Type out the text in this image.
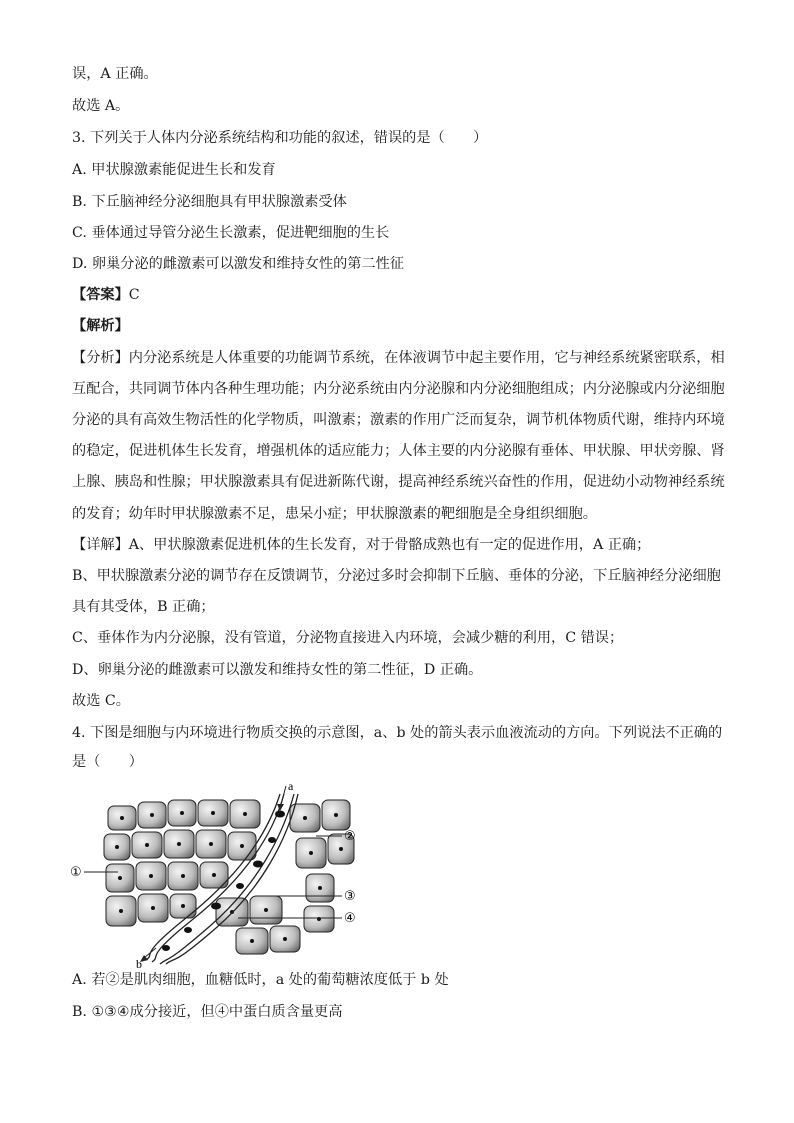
误，A 正确。
故选 A。
3. 下列关于人体内分泌系统结构和功能的叙述，错误的是（　　）
A. 甲状腺激素能促进生长和发育
B. 下丘脑神经分泌细胞具有甲状腺激素受体
C. 垂体通过导管分泌生长激素，促进靶细胞的生长
D. 卵巢分泌的雌激素可以激发和维持女性的第二性征
【答案】C
【解析】
【分析】内分泌系统是人体重要的功能调节系统，在体液调节中起主要作用，它与神经系统紧密联系，相
互配合，共同调节体内各种生理功能；内分泌系统由内分泌腺和内分泌细胞组成；内分泌腺或内分泌细胞
分泌的具有高效生物活性的化学物质，叫激素；激素的作用广泛而复杂，调节机体物质代谢，维持内环境
的稳定，促进机体生长发育，增强机体的适应能力；人体主要的内分泌腺有垂体、甲状腺、甲状旁腺、肾
上腺、胰岛和性腺；甲状腺激素具有促进新陈代谢，提高神经系统兴奋性的作用，促进幼小动物神经系统
的发育；幼年时甲状腺激素不足，患呆小症；甲状腺激素的靶细胞是全身组织细胞。
【详解】A、甲状腺激素促进机体的生长发育，对于骨骼成熟也有一定的促进作用，A 正确；
B、甲状腺激素分泌的调节存在反馈调节，分泌过多时会抑制下丘脑、垂体的分泌，下丘脑神经分泌细胞
具有其受体，B 正确；
C、垂体作为内分泌腺，没有管道，分泌物直接进入内环境，会减少糖的利用，C 错误；
D、卵巢分泌的雌激素可以激发和维持女性的第二性征，D 正确。
故选 C。
4. 下图是细胞与内环境进行物质交换的示意图，a、b 处的箭头表示血液流动的方向。下列说法不正确的
是（　　）
a
b
①
②
③
④
A. 若②是肌肉细胞，血糖低时，a 处的葡萄糖浓度低于 b 处
B. ①③④成分接近，但④中蛋白质含量更高
